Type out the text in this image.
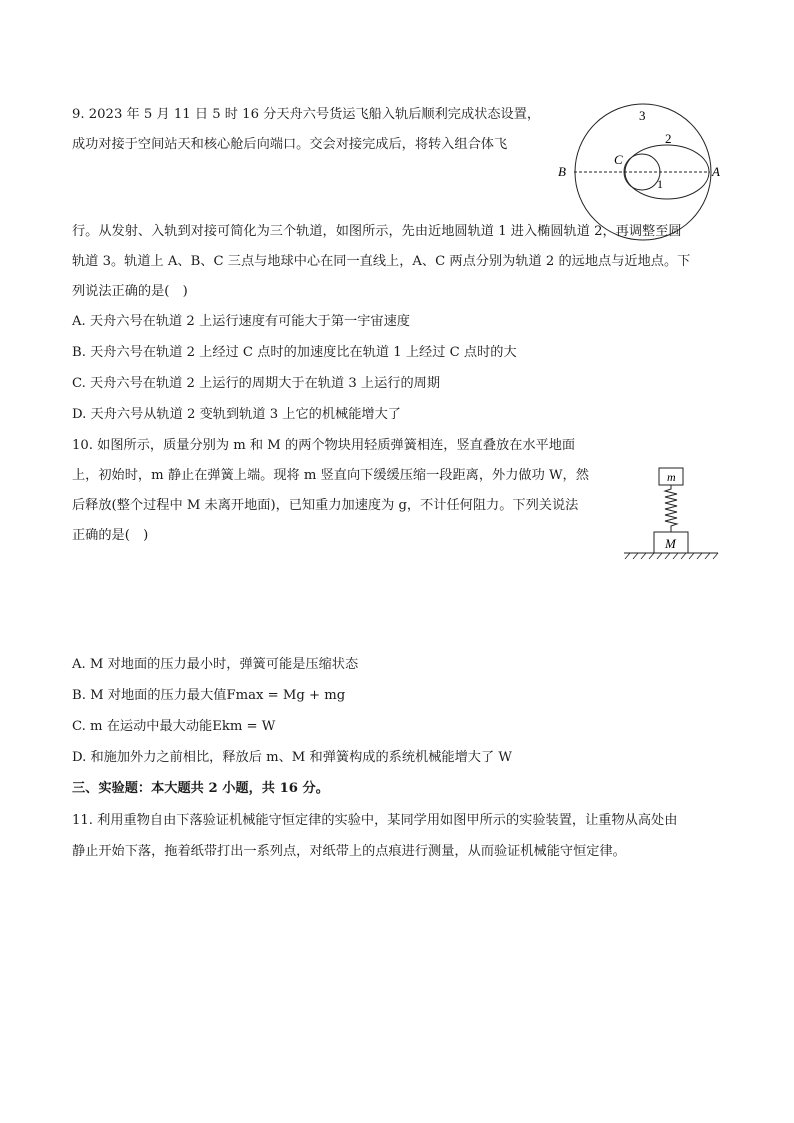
9. 2023 年 5 月 11 日 5 时 16 分天舟六号货运飞船入轨后顺利完成状态设置，
成功对接于空间站天和核心舱后向端口。交会对接完成后，将转入组合体飞
3
2
1
B
C
A
行。从发射、入轨到对接可简化为三个轨道，如图所示，先由近地圆轨道 1 进入椭圆轨道 2，再调整至圆
轨道 3。轨道上 A、B、C 三点与地球中心在同一直线上，A、C 两点分别为轨道 2 的远地点与近地点。下
列说法正确的是(　)
A. 天舟六号在轨道 2 上运行速度有可能大于第一宇宙速度
B. 天舟六号在轨道 2 上经过 C 点时的加速度比在轨道 1 上经过 C 点时的大
C. 天舟六号在轨道 2 上运行的周期大于在轨道 3 上运行的周期
D. 天舟六号从轨道 2 变轨到轨道 3 上它的机械能增大了
10. 如图所示，质量分别为 m 和 M 的两个物块用轻质弹簧相连，竖直叠放在水平地面
上，初始时，m 静止在弹簧上端。现将 m 竖直向下缓缓压缩一段距离，外力做功 W，然
后释放(整个过程中 M 未离开地面)，已知重力加速度为 g，不计任何阻力。下列关说法
正确的是(　)
m
M
A. M 对地面的压力最小时，弹簧可能是压缩状态
B. M 对地面的压力最大值Fmax = Mg + mg
C. m 在运动中最大动能Ekm = W
D. 和施加外力之前相比，释放后 m、M 和弹簧构成的系统机械能增大了 W
三、实验题：本大题共 2 小题，共 16 分。
11. 利用重物自由下落验证机械能守恒定律的实验中，某同学用如图甲所示的实验装置，让重物从高处由
静止开始下落，拖着纸带打出一系列点，对纸带上的点痕进行测量，从而验证机械能守恒定律。
